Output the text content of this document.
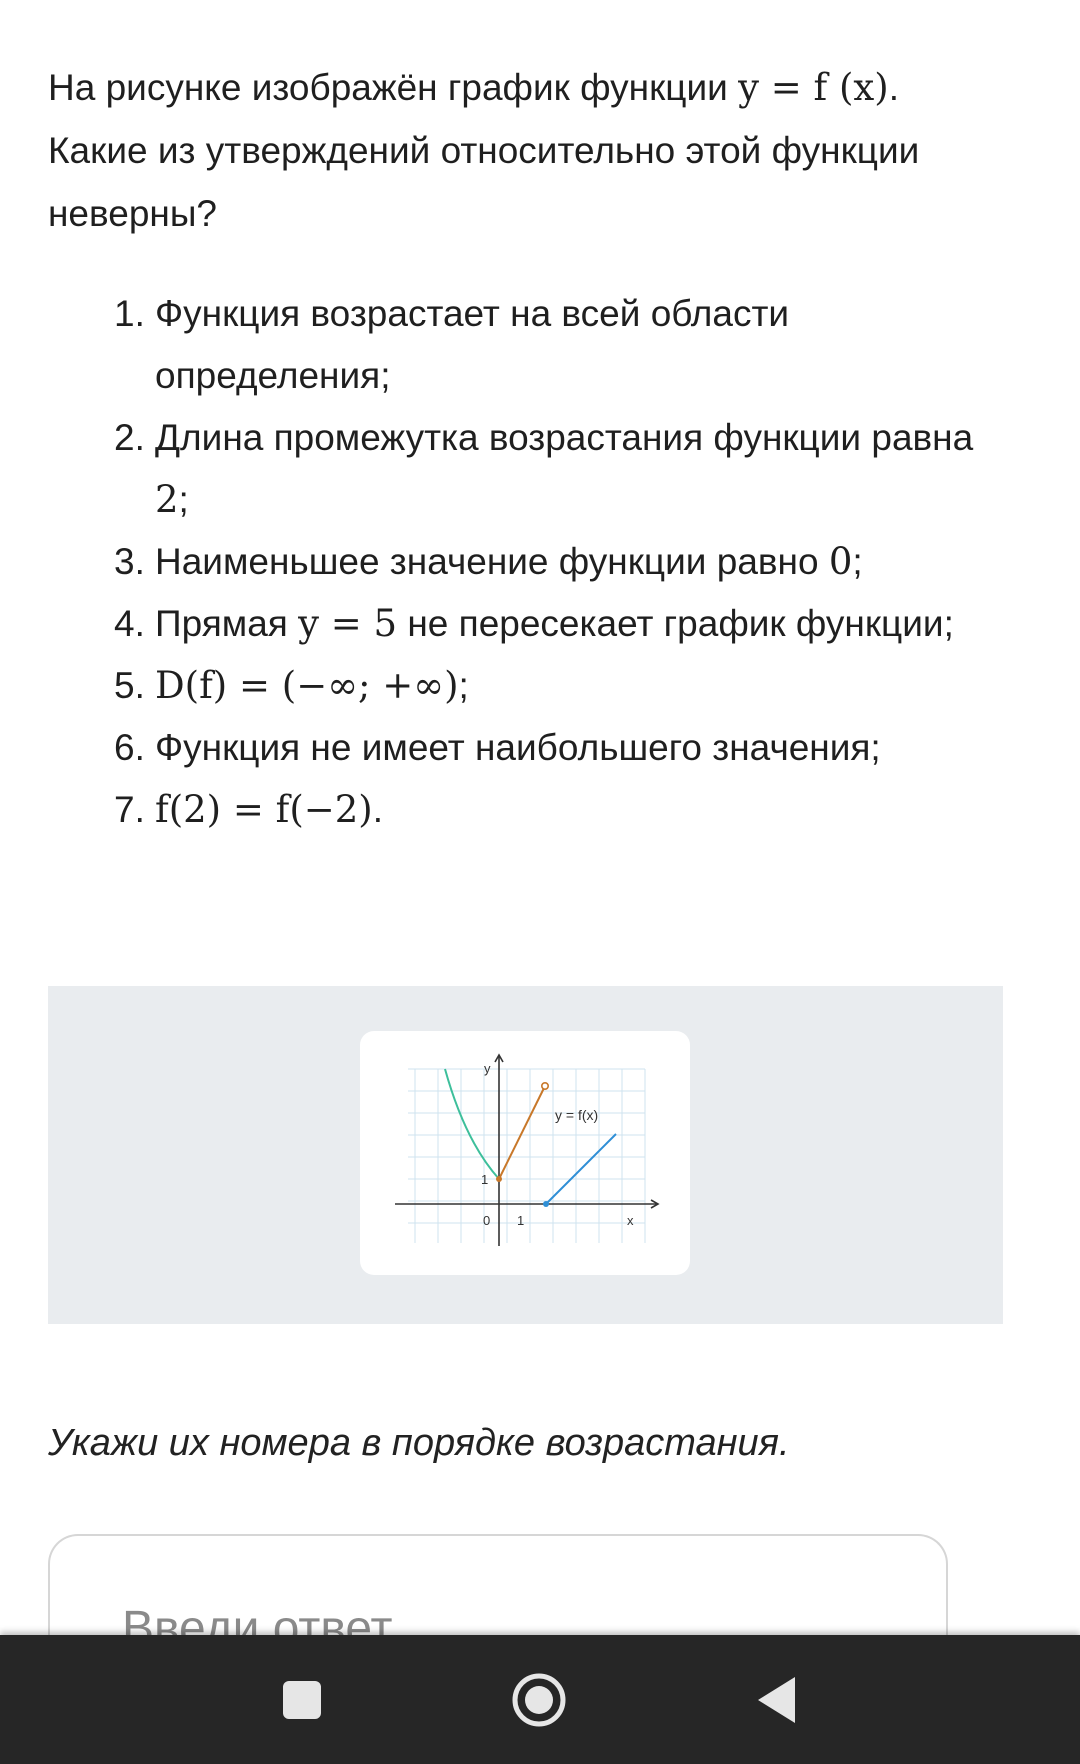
На рисунке изображён график функции y = f (x). Какие из утверждений относительно этой функции неверны?

1. Функция возрастает на всей области определения;
2. Длина промежутка возрастания функции равна 2;
3. Наименьшее значение функции равно 0;
4. Прямая y = 5 не пересекает график функции;
5. D(f) = (−∞; +∞);
6. Функция не имеет наибольшего значения;
7. f(2) = f(−2).
y
x
0 1
1
y = f(x)

Укажи их номера в порядке возрастания.

Введи ответ
